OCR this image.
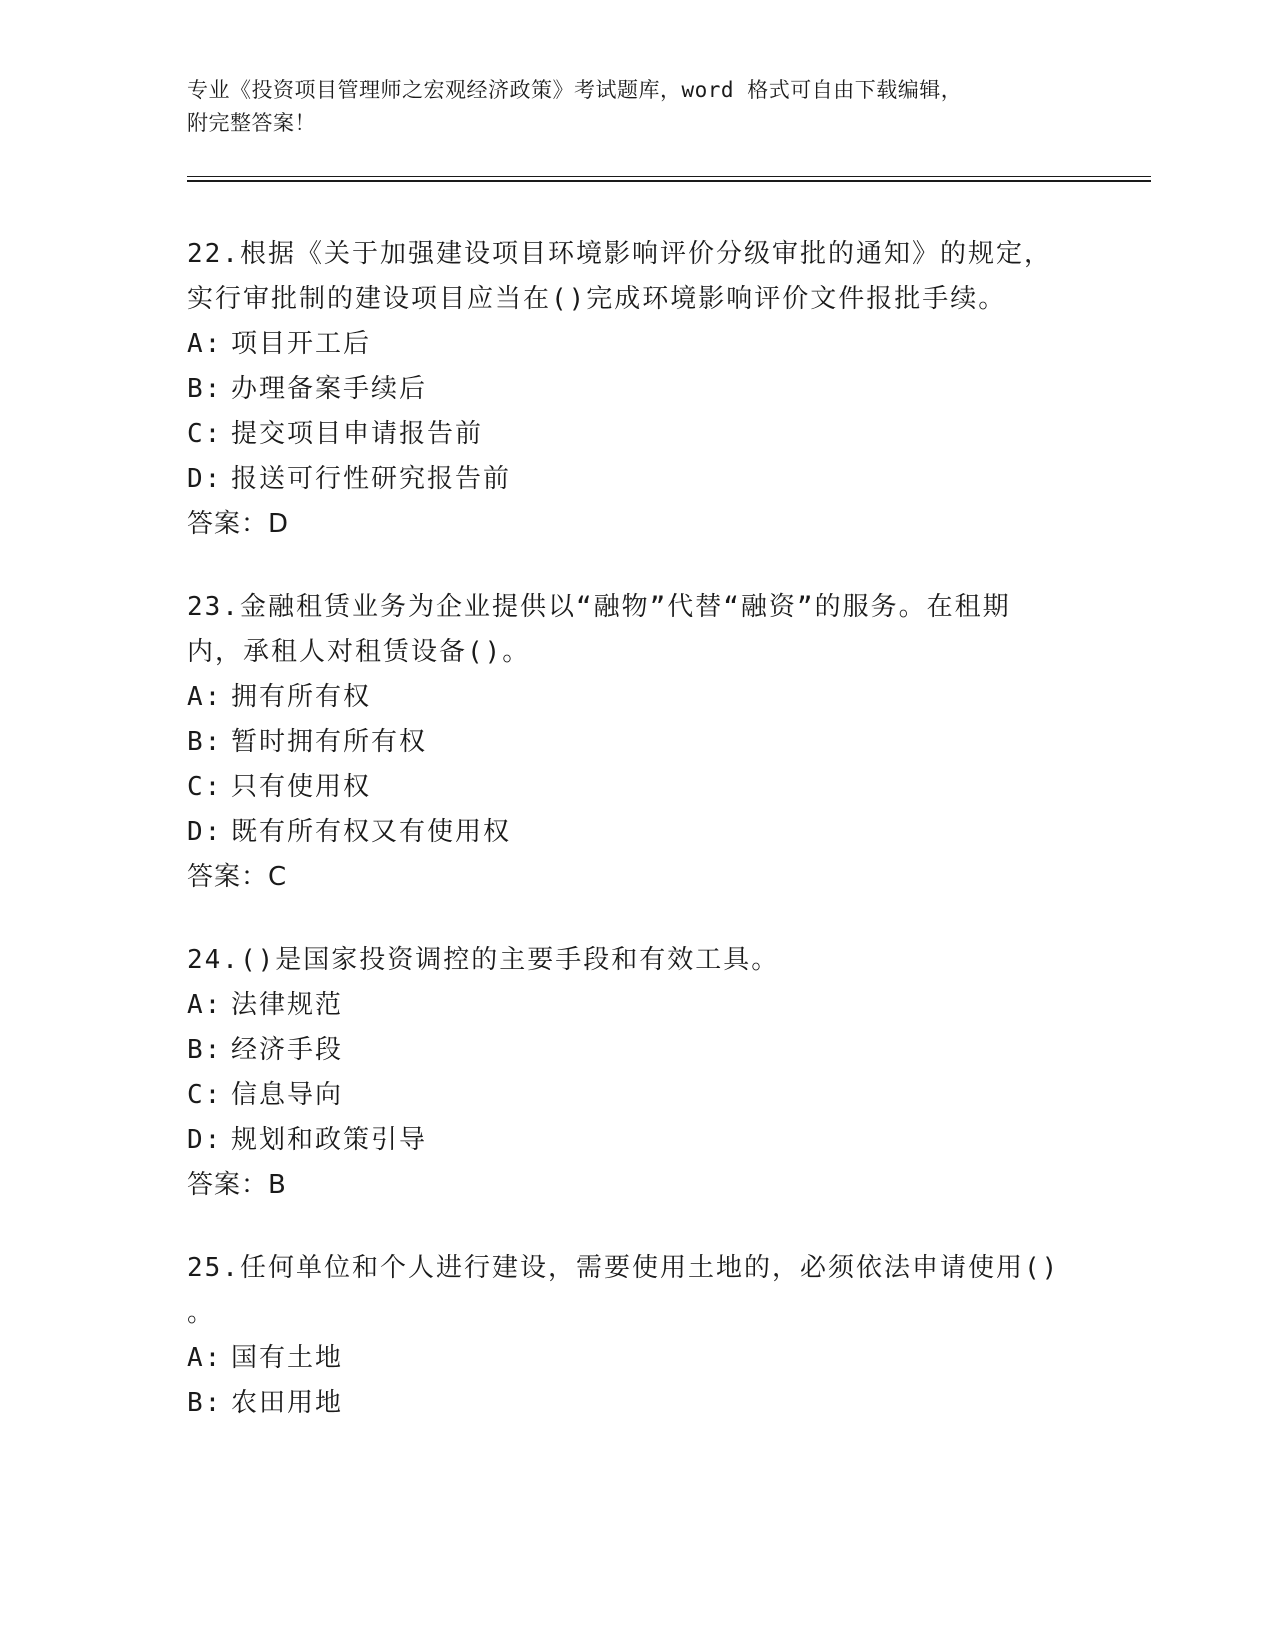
专业《投资项目管理师之宏观经济政策》考试题库，word 格式可自由下载编辑，
附完整答案！
22.根据《关于加强建设项目环境影响评价分级审批的通知》的规定，
实行审批制的建设项目应当在()完成环境影响评价文件报批手续。
A: 项目开工后
B: 办理备案手续后
C: 提交项目申请报告前
D: 报送可行性研究报告前
答案：D
23.金融租赁业务为企业提供以“融物”代替“融资”的服务。在租期
内，承租人对租赁设备()。
A: 拥有所有权
B: 暂时拥有所有权
C: 只有使用权
D: 既有所有权又有使用权
答案：C
24.()是国家投资调控的主要手段和有效工具。
A: 法律规范
B: 经济手段
C: 信息导向
D: 规划和政策引导
答案：B
25.任何单位和个人进行建设，需要使用土地的，必须依法申请使用()
。
A: 国有土地
B: 农田用地
